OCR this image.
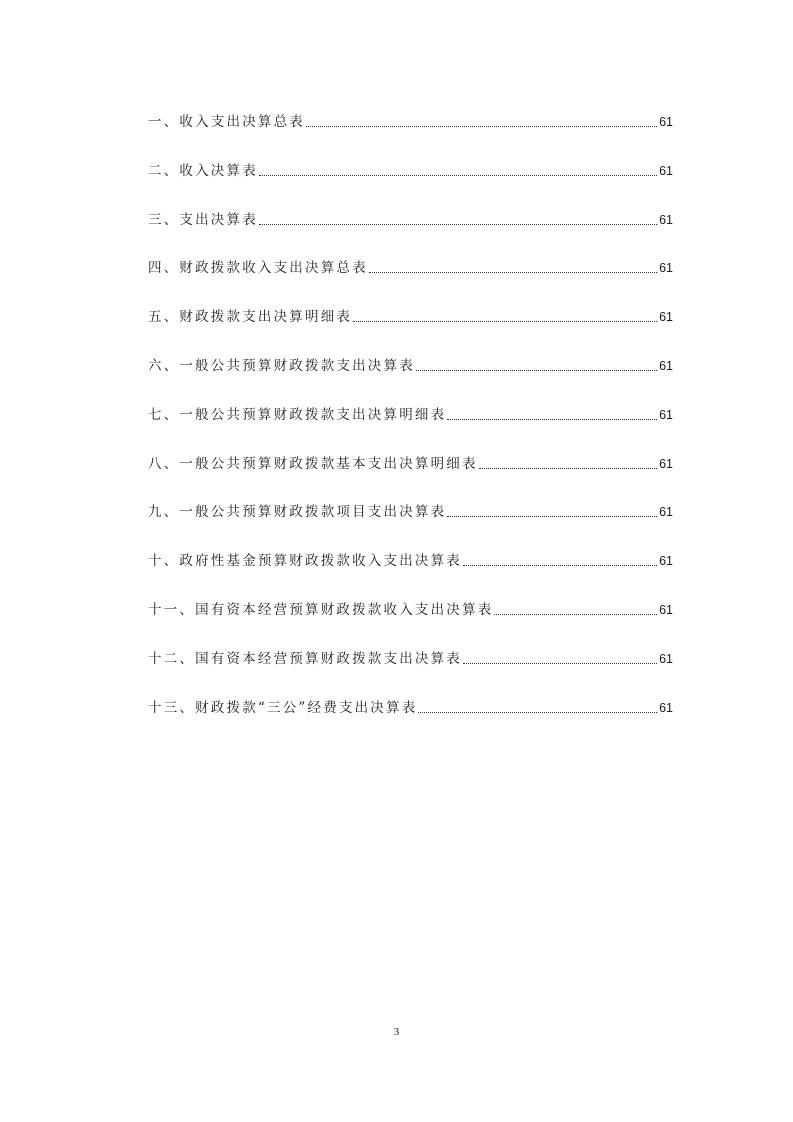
一、收入支出决算总表	61
二、收入决算表	61
三、支出决算表	61
四、财政拨款收入支出决算总表	61
五、财政拨款支出决算明细表	61
六、一般公共预算财政拨款支出决算表	61
七、一般公共预算财政拨款支出决算明细表	61
八、一般公共预算财政拨款基本支出决算明细表	61
九、一般公共预算财政拨款项目支出决算表	61
十、政府性基金预算财政拨款收入支出决算表	61
十一、国有资本经营预算财政拨款收入支出决算表	61
十二、国有资本经营预算财政拨款支出决算表	61
十三、财政拨款“三公”经费支出决算表	61
3
